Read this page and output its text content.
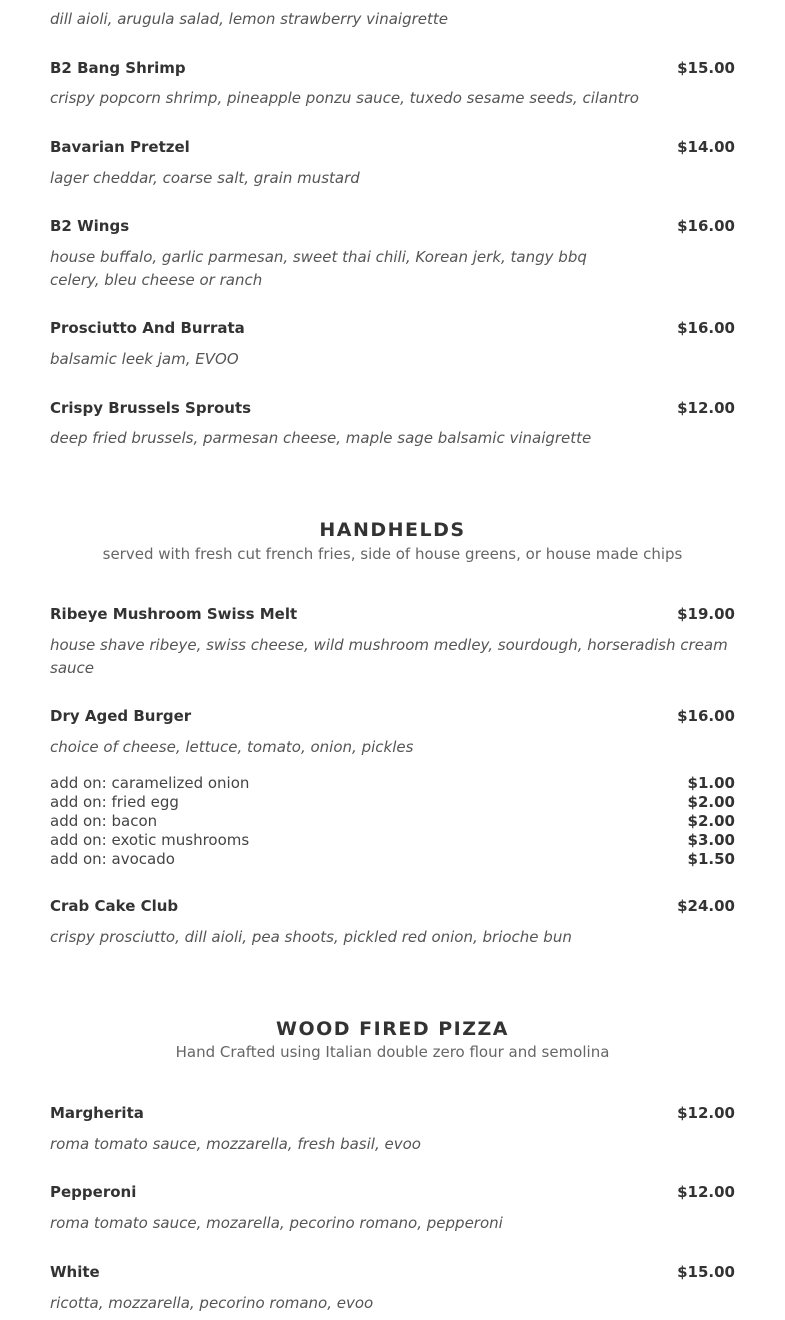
dill aioli, arugula salad, lemon strawberry vinaigrette

B2 Bang Shrimp	$15.00

crispy popcorn shrimp, pineapple ponzu sauce, tuxedo sesame seeds, cilantro

Bavarian Pretzel	$14.00

lager cheddar, coarse salt, grain mustard

B2 Wings	$16.00

house buffalo, garlic parmesan, sweet thai chili, Korean jerk, tangy bbq

celery, bleu cheese or ranch

Prosciutto And Burrata	$16.00

balsamic leek jam, EVOO

Crispy Brussels Sprouts	$12.00

deep fried brussels, parmesan cheese, maple sage balsamic vinaigrette

HANDHELDS
served with fresh cut french fries, side of house greens, or house made chips
Ribeye Mushroom Swiss Melt	$19.00

house shave ribeye, swiss cheese, wild mushroom medley, sourdough, horseradish cream sauce

Dry Aged Burger	$16.00

choice of cheese, lettuce, tomato, onion, pickles

add on: caramelized onion	$1.00
add on: fried egg	$2.00
add on: bacon	$2.00
add on: exotic mushrooms	$3.00
add on: avocado	$1.50
Crab Cake Club	$24.00

crispy prosciutto, dill aioli, pea shoots, pickled red onion, brioche bun

WOOD FIRED PIZZA
Hand Crafted using Italian double zero flour and semolina
Margherita	$12.00

roma tomato sauce, mozzarella, fresh basil, evoo

Pepperoni	$12.00

roma tomato sauce, mozarella, pecorino romano, pepperoni

White	$15.00

ricotta, mozzarella, pecorino romano, evoo
